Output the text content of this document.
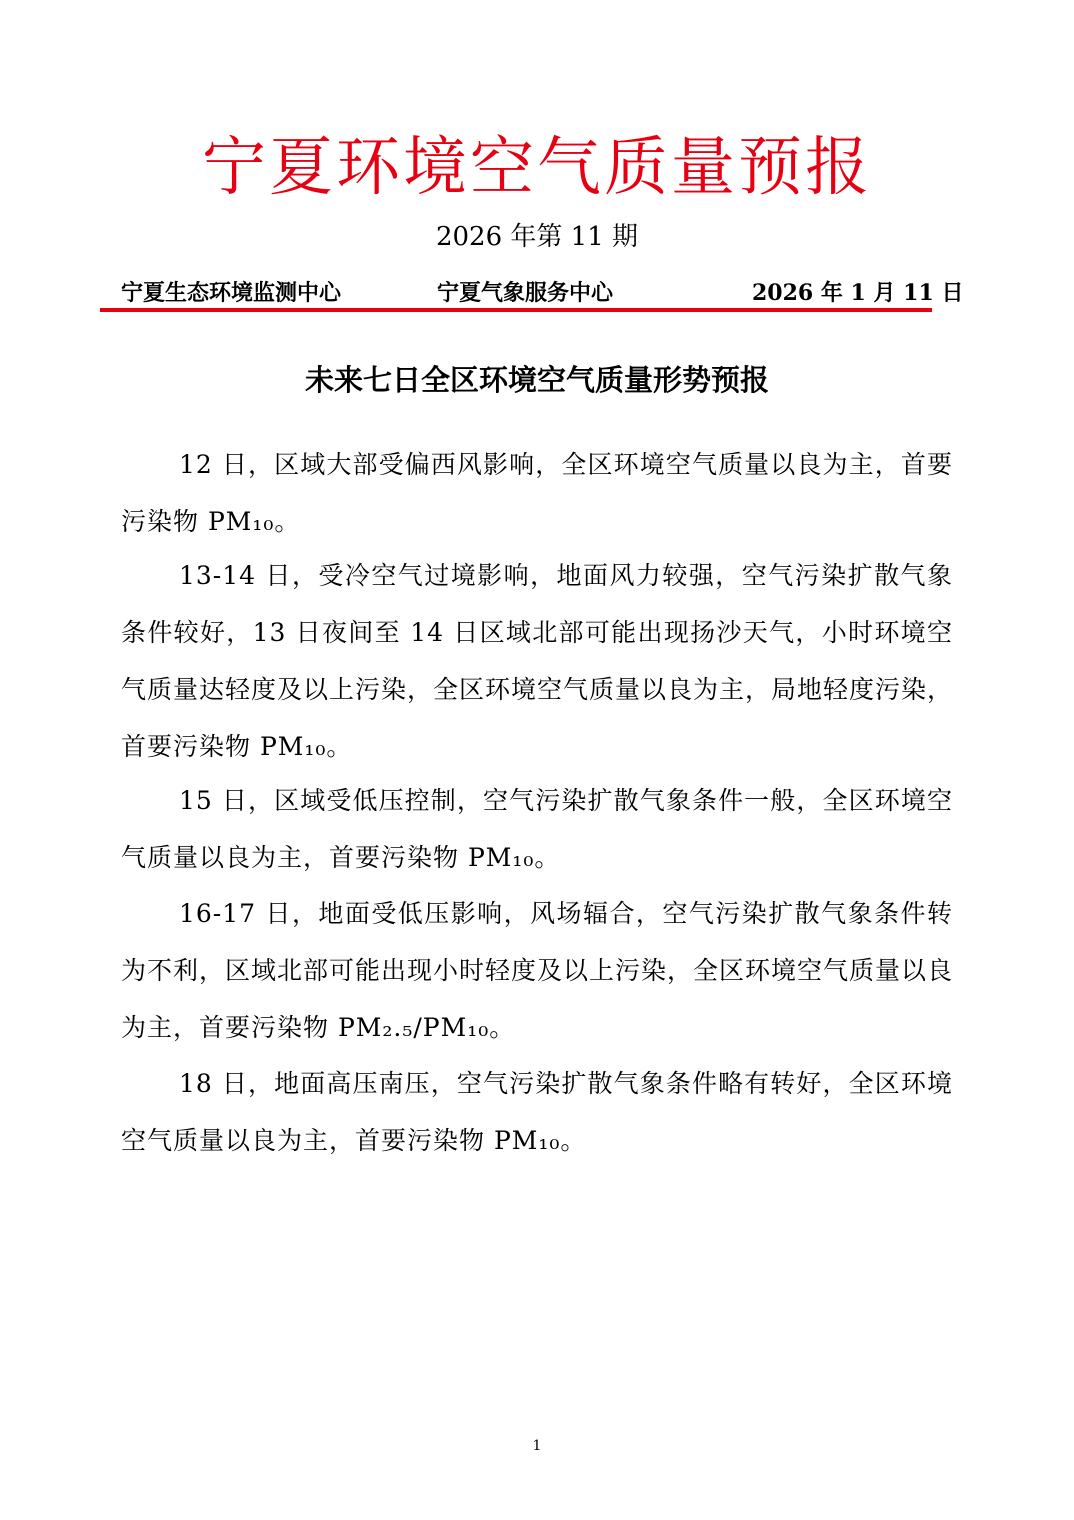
宁夏环境空气质量预报
2026 年第 11 期
宁夏生态环境监测中心	宁夏气象服务中心	2026 年 1 月 11 日
未来七日全区环境空气质量形势预报
12 日，区域大部受偏西风影响，全区环境空气质量以良为主，首要污染物 PM₁₀。
13-14 日，受冷空气过境影响，地面风力较强，空气污染扩散气象条件较好，13 日夜间至 14 日区域北部可能出现扬沙天气，小时环境空气质量达轻度及以上污染，全区环境空气质量以良为主，局地轻度污染，首要污染物 PM₁₀。
15 日，区域受低压控制，空气污染扩散气象条件一般，全区环境空气质量以良为主，首要污染物 PM₁₀。
16-17 日，地面受低压影响，风场辐合，空气污染扩散气象条件转为不利，区域北部可能出现小时轻度及以上污染，全区环境空气质量以良为主，首要污染物 PM₂.₅/PM₁₀。
18 日，地面高压南压，空气污染扩散气象条件略有转好，全区环境空气质量以良为主，首要污染物 PM₁₀。
1
